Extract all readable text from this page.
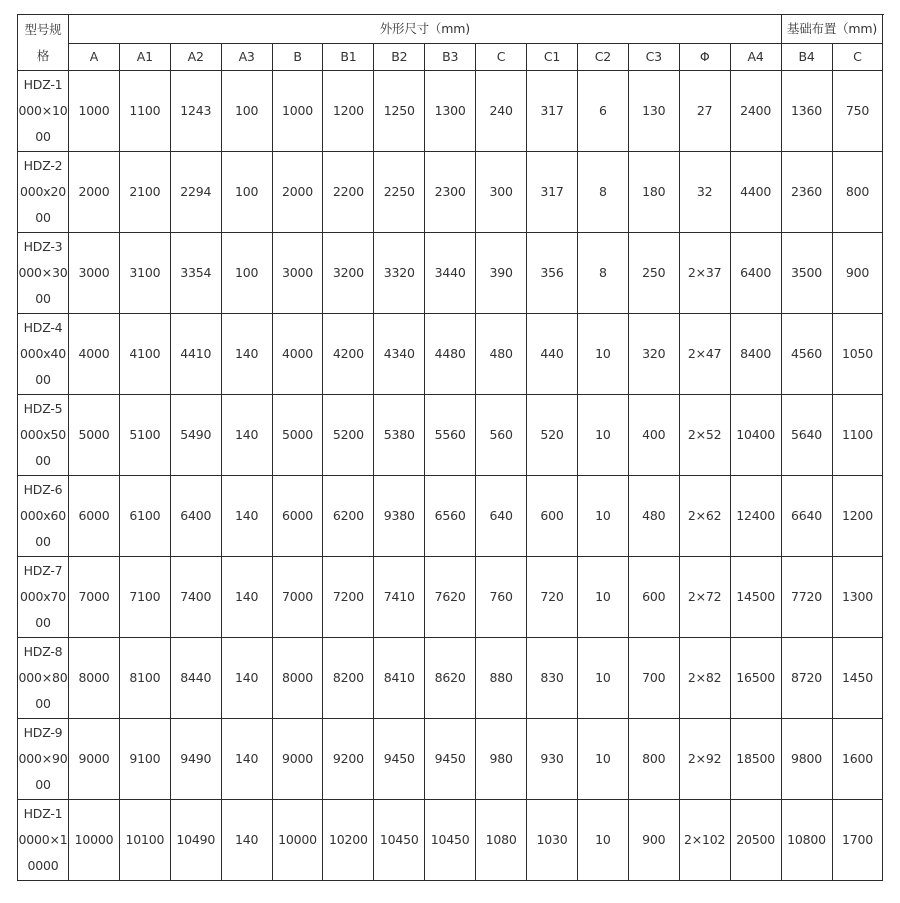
型号规
格	外形尺寸（mm)														基础布置（mm)	
	A	A1	A2	A3	B	B1	B2	B3	C	C1	C2	C3	Φ	A4	B4	C

HDZ-1
000×10
00	1000	1100	1243	100	1000	1200	1250	1300	240	317	6	130	27	2400	1360	750

HDZ-2
000x20
00	2000	2100	2294	100	2000	2200	2250	2300	300	317	8	180	32	4400	2360	800

HDZ-3
000×30
00	3000	3100	3354	100	3000	3200	3320	3440	390	356	8	250	2×37	6400	3500	900

HDZ-4
000x40
00	4000	4100	4410	140	4000	4200	4340	4480	480	440	10	320	2×47	8400	4560	1050

HDZ-5
000x50
00	5000	5100	5490	140	5000	5200	5380	5560	560	520	10	400	2×52	10400	5640	1100

HDZ-6
000x60
00	6000	6100	6400	140	6000	6200	9380	6560	640	600	10	480	2×62	12400	6640	1200

HDZ-7
000x70
00	7000	7100	7400	140	7000	7200	7410	7620	760	720	10	600	2×72	14500	7720	1300

HDZ-8
000×80
00	8000	8100	8440	140	8000	8200	8410	8620	880	830	10	700	2×82	16500	8720	1450

HDZ-9
000×90
00	9000	9100	9490	140	9000	9200	9450	9450	980	930	10	800	2×92	18500	9800	1600

HDZ-1
0000×1
0000	10000	10100	10490	140	10000	10200	10450	10450	1080	1030	10	900	2×102	20500	10800	1700
